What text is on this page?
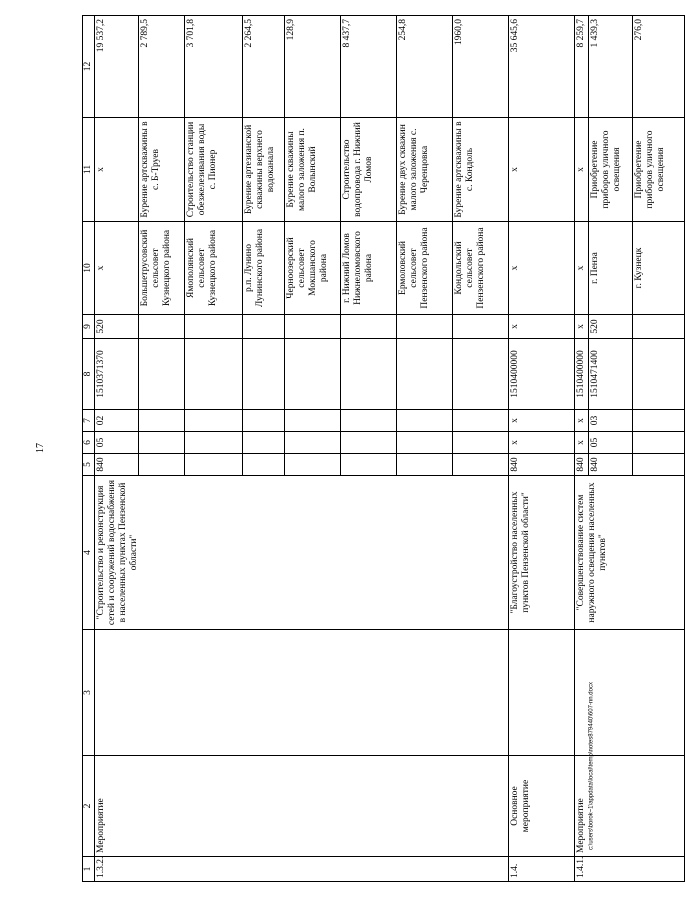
17
1	2	3	4	5	6	7	8	9	10	11	12
1.3.2.	Мероприятие		"Строительство и реконструкция сетей и сооружений водоснабжения в населенных пунктах Пензенской области"	840	05	02	1510371370	520	х	х	19 537,2
									Большетрусовский сельсовет Кузнецкого района	Бурение артскважины в с. Б-Труев	2 789,5
									Ямополянский сельсовет Кузнецкого района	Строительство станции обезжелезивания воды с. Пионер	3 701,8
									р.п. Лунино Лунинского района	Бурение артезианской скважины верхнего водоканала	2 264,5
									Черноозерский сельсовет Мокшанского района	Бурение скважины малого заложения п. Волынский	128,9
									г. Нижний Ломов Нижнеломовского района	Строительство водопровода г. Нижний Ломов	8 437,7
									Ермоловский сельсовет Пензенского района	Бурение двух скважин малого заложения с. Черенцовка	254,8
									Кондольский сельсовет Пензенского района	Бурение артскважины в с. Кондоль	1960,0
1.4.	Основное мероприятие		"Благоустройство населенных пунктов Пензенской области"	840	х	х	1510400000	х	х	х	35 645,6
1.4.1.	Мероприятие		"Совершенствование систем наружного освещения населенных пунктов"	840	х	х	1510400000	х	х	х	8 259,7
				840	05	03	1510471400	520	г. Пенза	Приобретение приборов уличного освещения	1 439,3
									г. Кузнецк	Приобретение приборов уличного освещения	276,0
c:\users\borok~1\appdata\local\temp\notes879440\607-nn.docx
